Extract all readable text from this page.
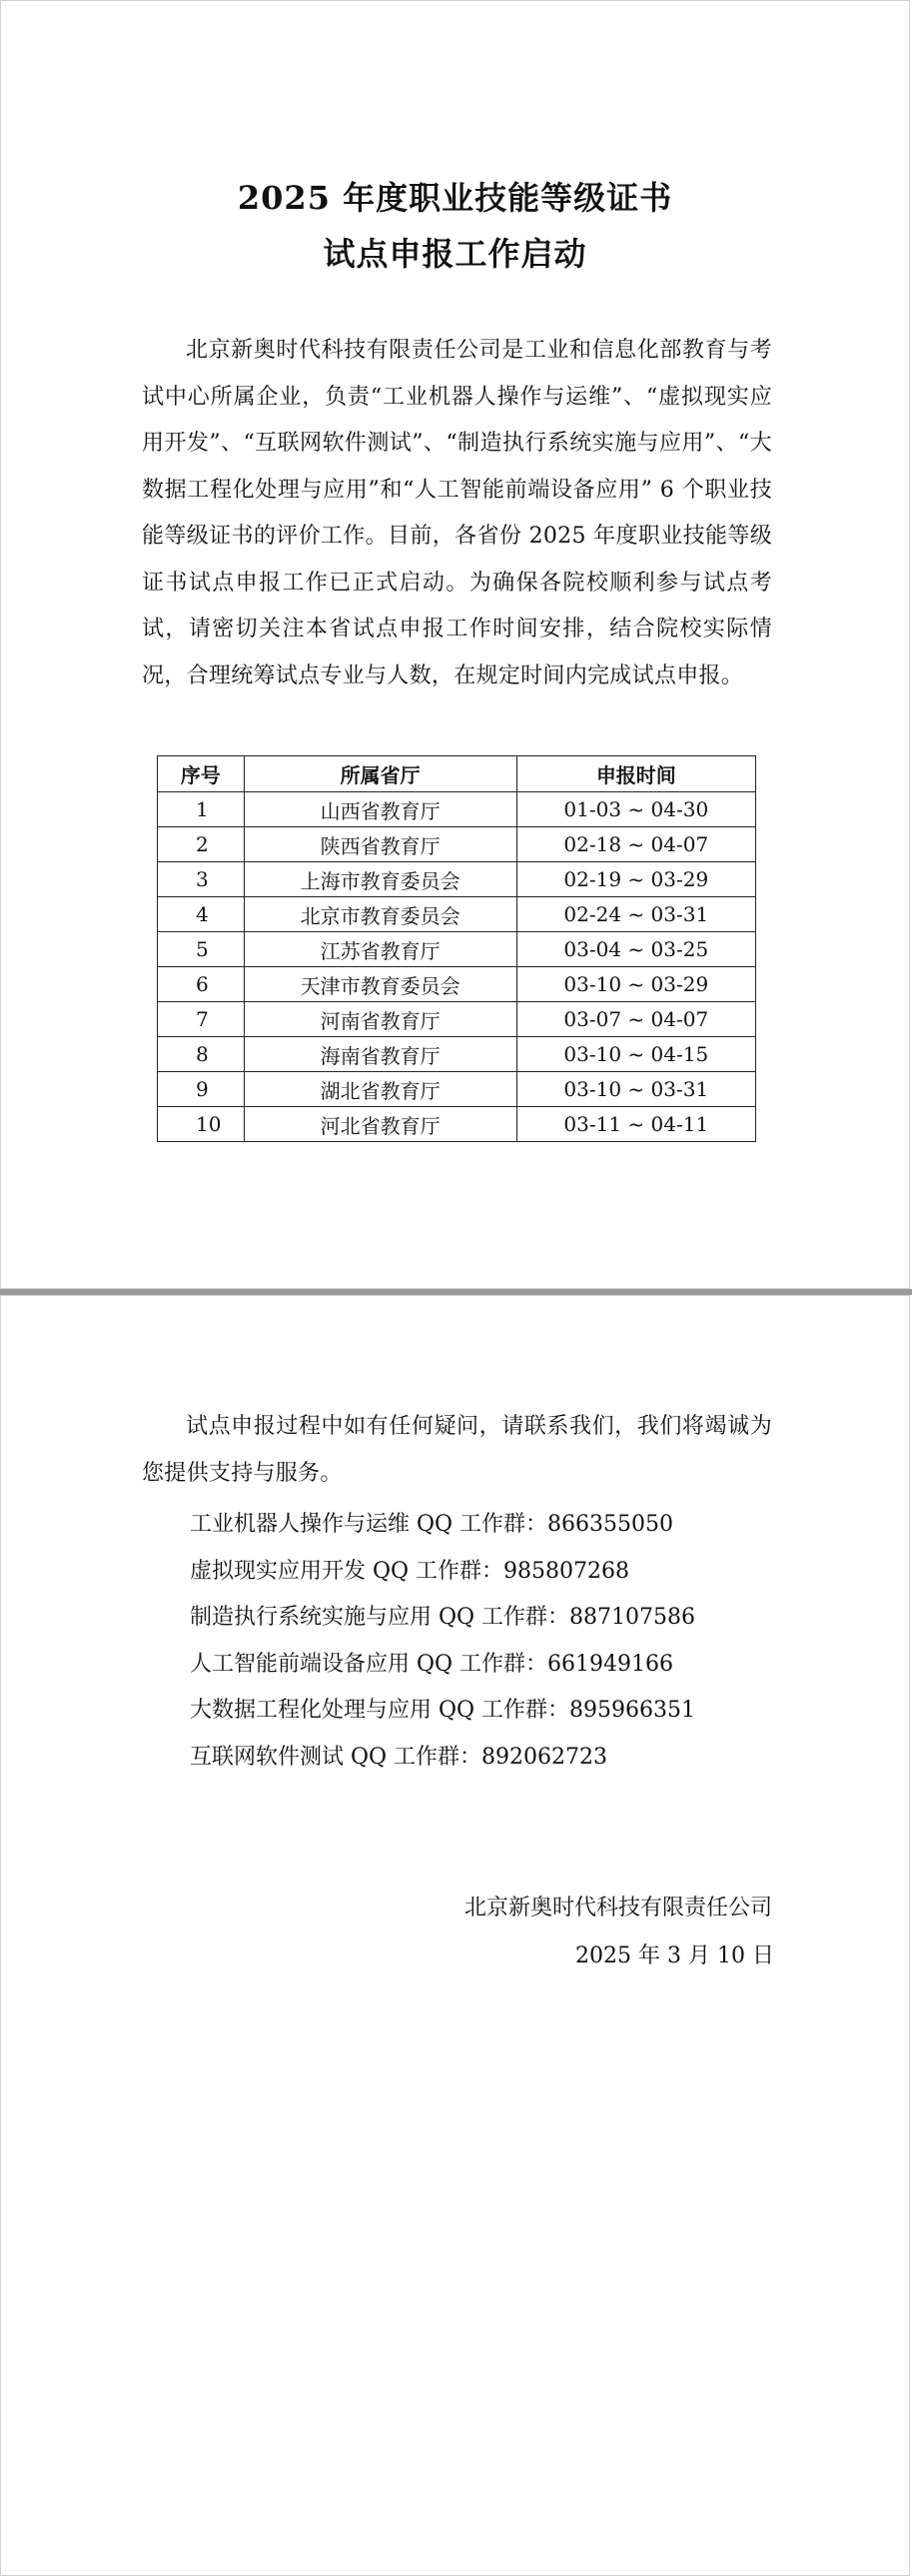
2025 年度职业技能等级证书
试点申报工作启动

北京新奥时代科技有限责任公司是工业和信息化部教育与考试中心所属企业，负责“工业机器人操作与运维”、“虚拟现实应用开发”、“互联网软件测试”、“制造执行系统实施与应用”、“大数据工程化处理与应用”和“人工智能前端设备应用” 6 个职业技能等级证书的评价工作。目前，各省份 2025 年度职业技能等级证书试点申报工作已正式启动。为确保各院校顺利参与试点考试，请密切关注本省试点申报工作时间安排，结合院校实际情况，合理统筹试点专业与人数，在规定时间内完成试点申报。

序号	所属省厅	申报时间
1	山西省教育厅	01-03 ~ 04-30
2	陕西省教育厅	02-18 ~ 04-07
3	上海市教育委员会	02-19 ~ 03-29
4	北京市教育委员会	02-24 ~ 03-31
5	江苏省教育厅	03-04 ~ 03-25
6	天津市教育委员会	03-10 ~ 03-29
7	河南省教育厅	03-07 ~ 04-07
8	海南省教育厅	03-10 ~ 04-15
9	湖北省教育厅	03-10 ~ 03-31
10	河北省教育厅	03-11 ~ 04-11

试点申报过程中如有任何疑问，请联系我们，我们将竭诚为您提供支持与服务。

工业机器人操作与运维 QQ 工作群：866355050
虚拟现实应用开发 QQ 工作群：985807268
制造执行系统实施与应用 QQ 工作群：887107586
人工智能前端设备应用 QQ 工作群：661949166
大数据工程化处理与应用 QQ 工作群：895966351
互联网软件测试 QQ 工作群：892062723
北京新奥时代科技有限责任公司
2025 年 3 月 10 日
